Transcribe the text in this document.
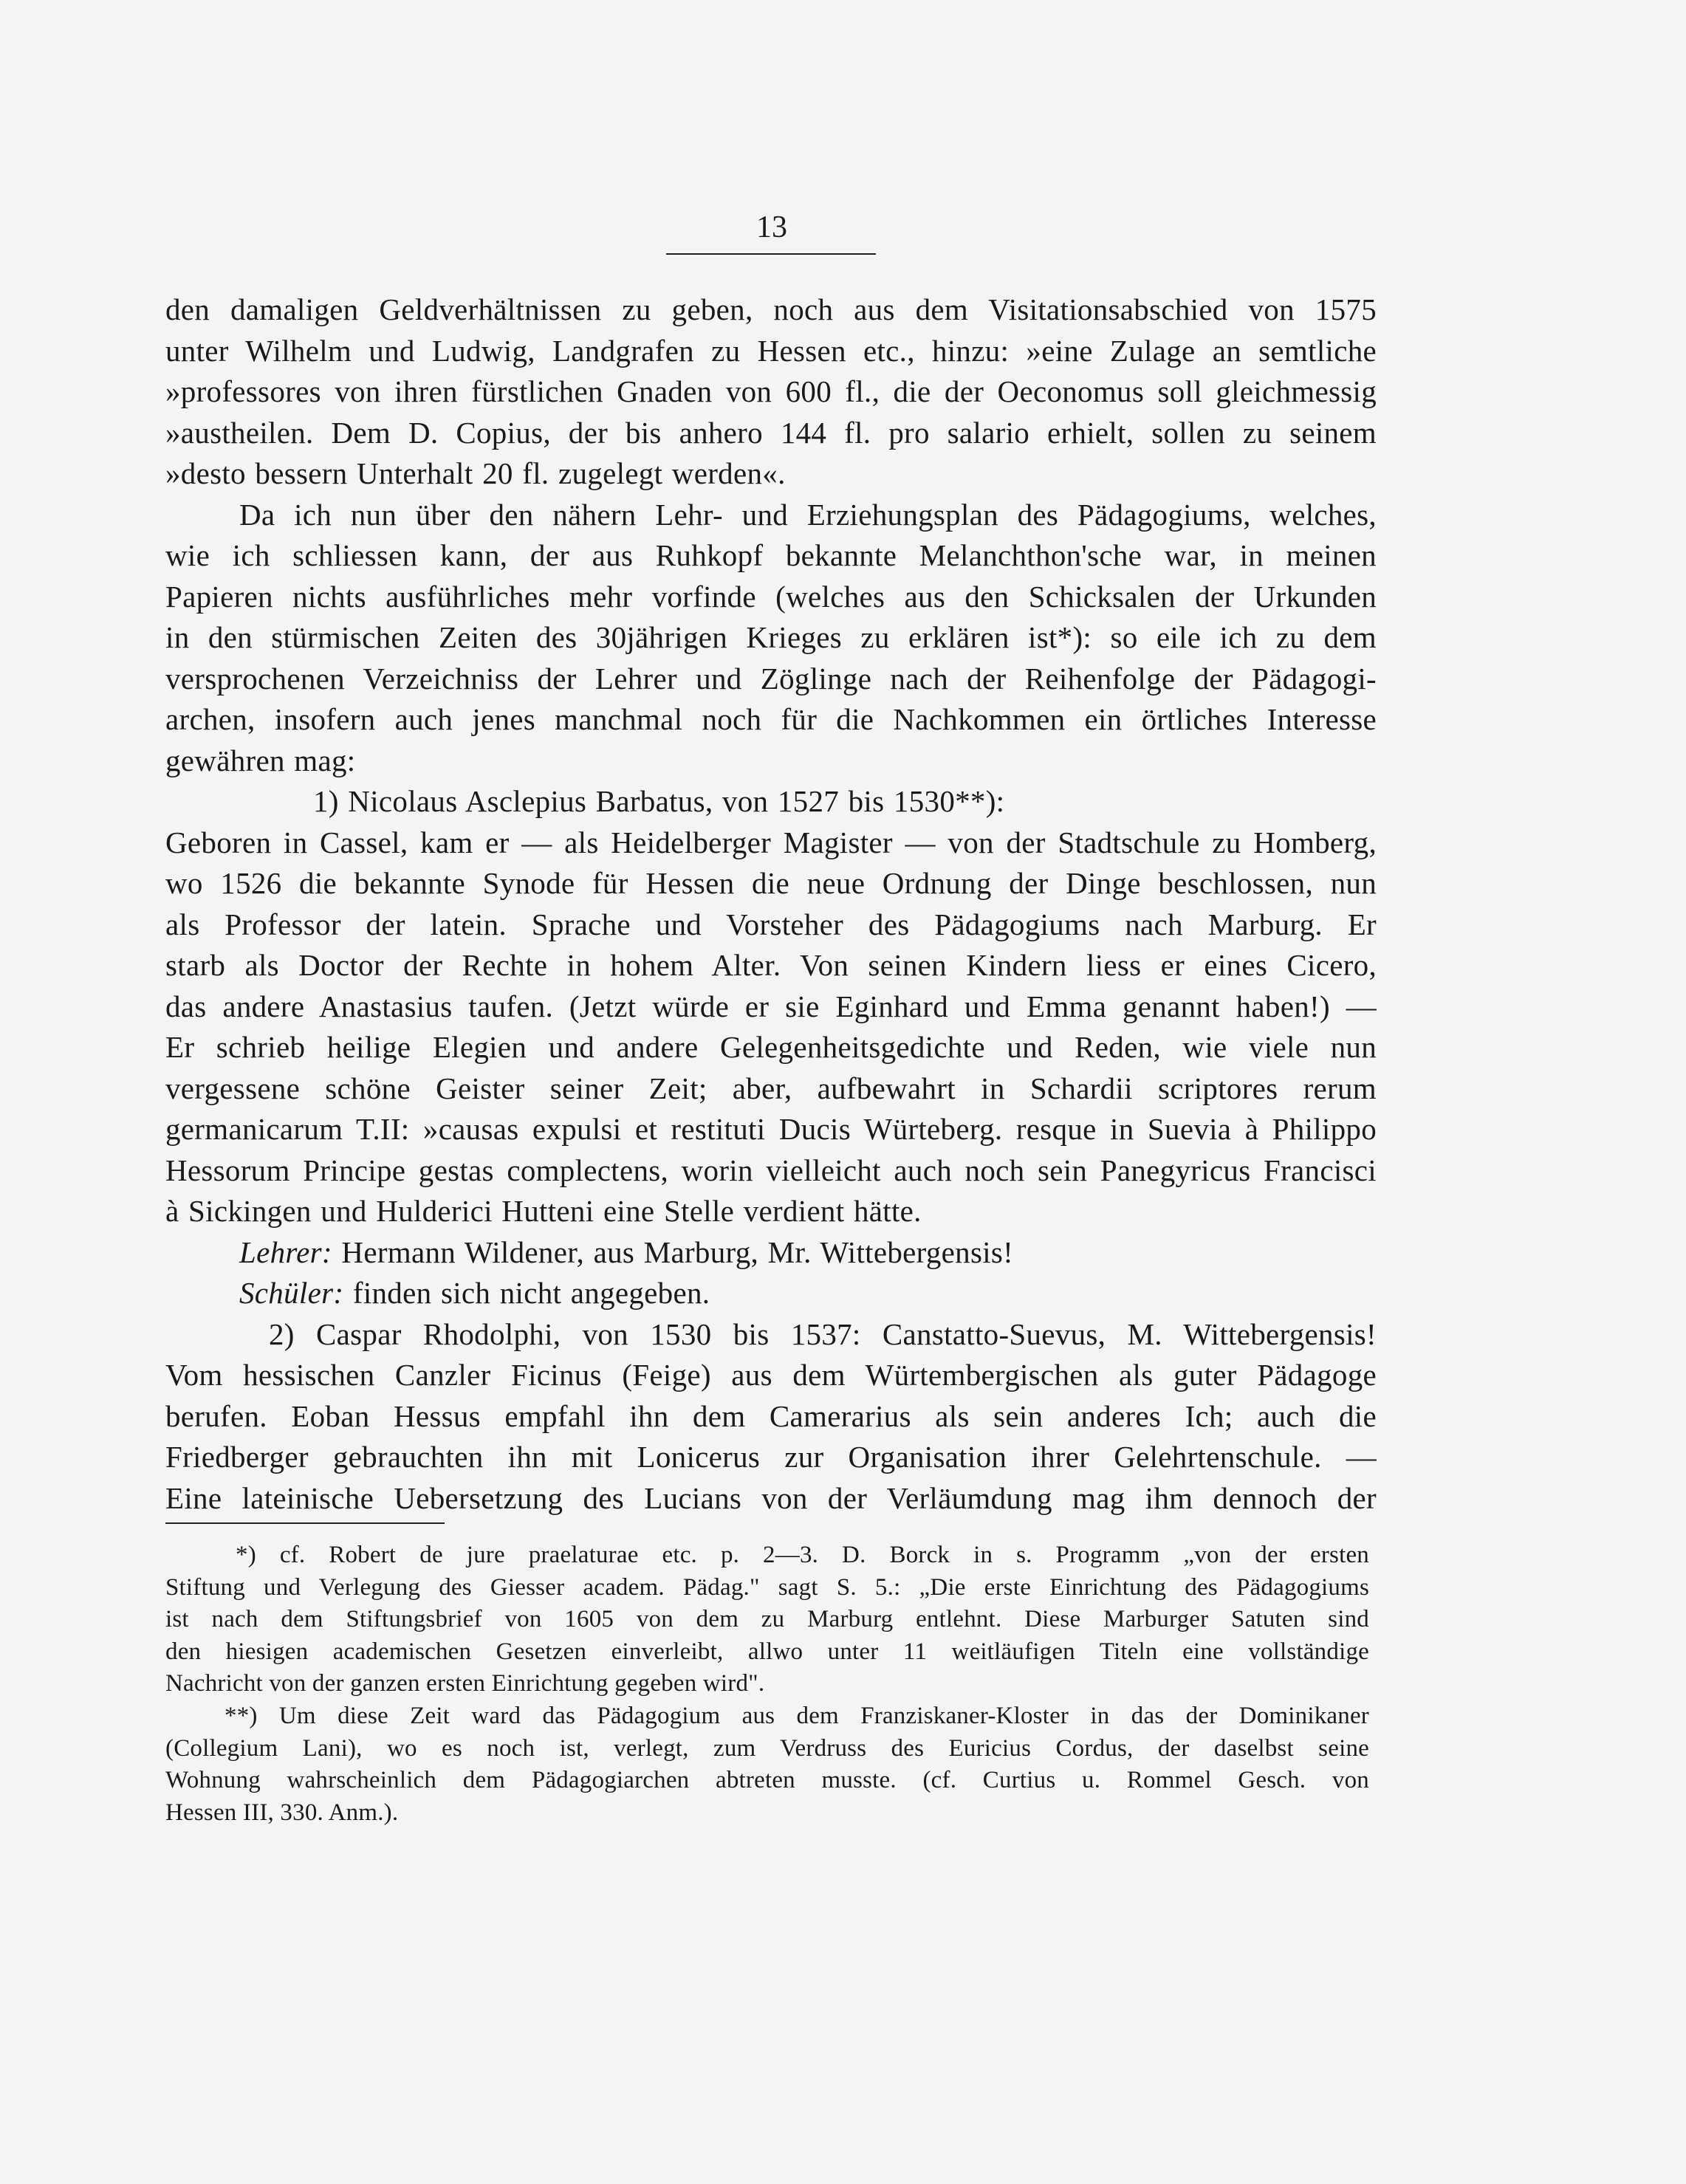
13
den damaligen Geldverhältnissen zu geben, noch aus dem Visitationsabschied von 1575
unter Wilhelm und Ludwig, Landgrafen zu Hessen etc., hinzu: »eine Zulage an semtliche
»professores von ihren fürstlichen Gnaden von 600 fl., die der Oeconomus soll gleichmessig
»austheilen. Dem D. Copius, der bis anhero 144 fl. pro salario erhielt, sollen zu seinem
»desto bessern Unterhalt 20 fl. zugelegt werden«.
Da ich nun über den nähern Lehr- und Erziehungsplan des Pädagogiums, welches,
wie ich schliessen kann, der aus Ruhkopf bekannte Melanchthon'sche war, in meinen
Papieren nichts ausführliches mehr vorfinde (welches aus den Schicksalen der Urkunden
in den stürmischen Zeiten des 30jährigen Krieges zu erklären ist*): so eile ich zu dem
versprochenen Verzeichniss der Lehrer und Zöglinge nach der Reihenfolge der Pädagogi-
archen, insofern auch jenes manchmal noch für die Nachkommen ein örtliches Interesse
gewähren mag:
1) Nicolaus Asclepius Barbatus, von 1527 bis 1530**):
Geboren in Cassel, kam er — als Heidelberger Magister — von der Stadtschule zu Homberg,
wo 1526 die bekannte Synode für Hessen die neue Ordnung der Dinge beschlossen, nun
als Professor der latein. Sprache und Vorsteher des Pädagogiums nach Marburg. Er
starb als Doctor der Rechte in hohem Alter. Von seinen Kindern liess er eines Cicero,
das andere Anastasius taufen. (Jetzt würde er sie Eginhard und Emma genannt haben!) —
Er schrieb heilige Elegien und andere Gelegenheitsgedichte und Reden, wie viele nun
vergessene schöne Geister seiner Zeit; aber, aufbewahrt in Schardii scriptores rerum
germanicarum T.II: »causas expulsi et restituti Ducis Würteberg. resque in Suevia à Philippo
Hessorum Principe gestas complectens, worin vielleicht auch noch sein Panegyricus Francisci
à Sickingen und Hulderici Hutteni eine Stelle verdient hätte.
Lehrer: Hermann Wildener, aus Marburg, Mr. Wittebergensis!
Schüler: finden sich nicht angegeben.
2) Caspar Rhodolphi, von 1530 bis 1537: Canstatto-Suevus, M. Wittebergensis!
Vom hessischen Canzler Ficinus (Feige) aus dem Würtembergischen als guter Pädagoge
berufen. Eoban Hessus empfahl ihn dem Camerarius als sein anderes Ich; auch die
Friedberger gebrauchten ihn mit Lonicerus zur Organisation ihrer Gelehrtenschule. —
Eine lateinische Uebersetzung des Lucians von der Verläumdung mag ihm dennoch der
*) cf. Robert de jure praelaturae etc. p. 2—3. D. Borck in s. Programm „von der ersten
Stiftung und Verlegung des Giesser academ. Pädag." sagt S. 5.: „Die erste Einrichtung des Pädagogiums
ist nach dem Stiftungsbrief von 1605 von dem zu Marburg entlehnt. Diese Marburger Satuten sind
den hiesigen academischen Gesetzen einverleibt, allwo unter 11 weitläufigen Titeln eine vollständige
Nachricht von der ganzen ersten Einrichtung gegeben wird".
**) Um diese Zeit ward das Pädagogium aus dem Franziskaner-Kloster in das der Dominikaner
(Collegium Lani), wo es noch ist, verlegt, zum Verdruss des Euricius Cordus, der daselbst seine
Wohnung wahrscheinlich dem Pädagogiarchen abtreten musste. (cf. Curtius u. Rommel Gesch. von
Hessen III, 330. Anm.).
